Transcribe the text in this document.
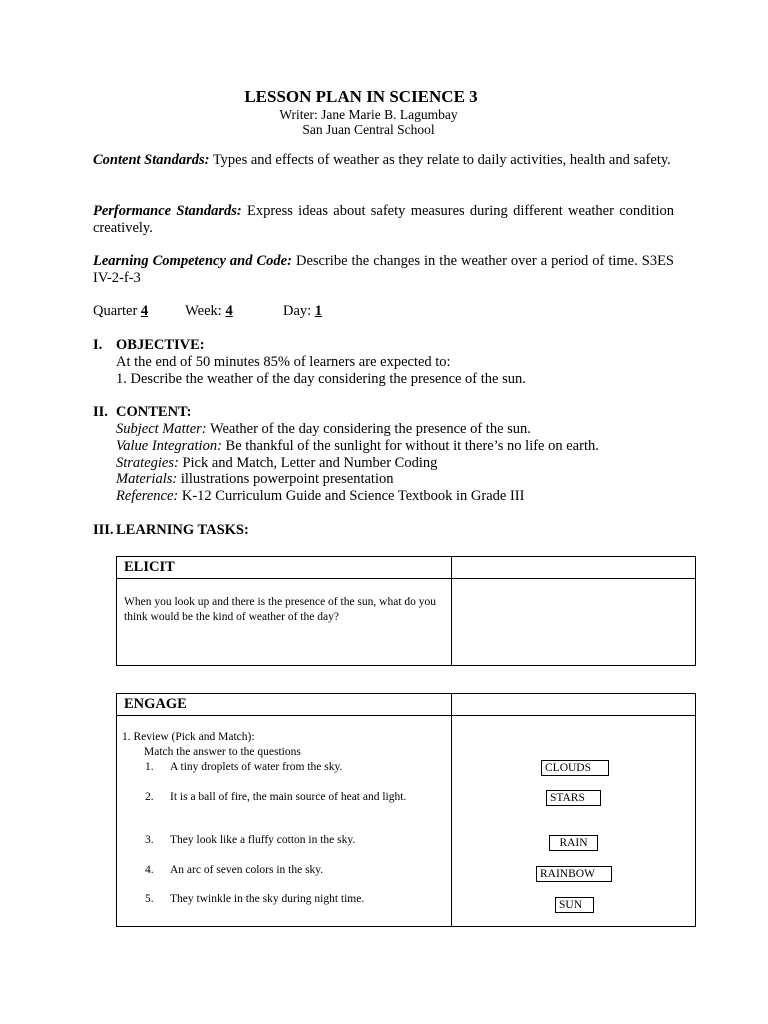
LESSON PLAN IN SCIENCE 3
Writer: Jane Marie B. Lagumbay
San Juan Central School
Content Standards: Types and effects of weather as they relate to daily activities, health and safety.
Performance Standards: Express ideas about safety measures during different weather condition creatively.
Learning Competency and Code: Describe the changes in the weather over a period of time. S3ES IV-2-f-3
Quarter 4	Week: 4	Day: 1
I. OBJECTIVE:
At the end of 50 minutes 85% of learners are expected to:
1. Describe the weather of the day considering the presence of the sun.
II. CONTENT:
Subject Matter: Weather of the day considering the presence of the sun.
Value Integration: Be thankful of the sunlight for without it there’s no life on earth.
Strategies: Pick and Match, Letter and Number Coding
Materials: illustrations powerpoint presentation
Reference: K-12 Curriculum Guide and Science Textbook in Grade III
III. LEARNING TASKS:
ELICIT	

When you look up and there is the presence of the sun, what do you think would be the kind of weather of the day?	

ENGAGE	

1. Review (Pick and Match):
Match the answer to the questions
1. A tiny droplets of water from the sky.
2. It is a ball of fire, the main source of heat and light.
3. They look like a fluffy cotton in the sky.
4. An arc of seven colors in the sky.
5. They twinkle in the sky during night time.
CLOUDS
STARS
RAIN
RAINBOW
SUN
